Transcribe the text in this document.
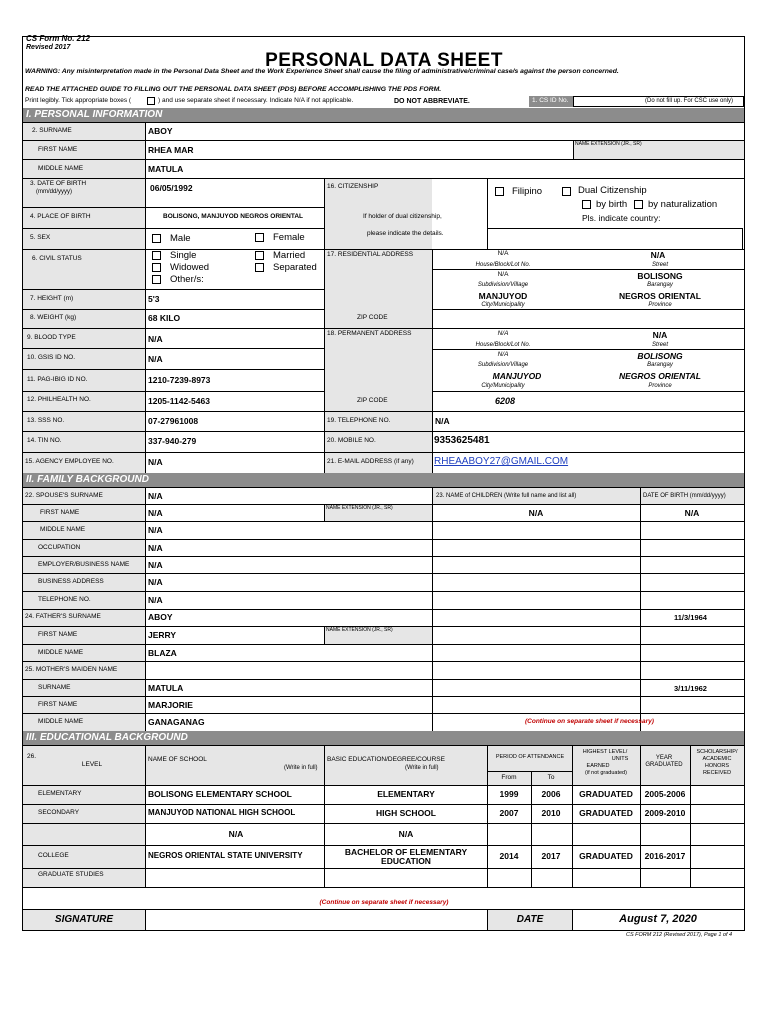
CS Form No. 212
Revised 2017
PERSONAL DATA SHEET
WARNING: Any misinterpretation made in the Personal Data Sheet and the Work Experience Sheet shall cause the filing of administrative/criminal case/s against the person concerned.
READ THE ATTACHED GUIDE TO FILLING OUT THE PERSONAL DATA SHEET (PDS) BEFORE ACCOMPLISHING THE PDS FORM.
Print legibly. Tick appropriate boxes (	) and use separate sheet if necessary. Indicate N/A if not applicable.	DO NOT ABBREVIATE.	1. CS ID No.	(Do not fill up. For CSC use only)
I. PERSONAL INFORMATION
2. SURNAME	ABOY
FIRST NAME	RHEA MAR
NAME EXTENSION (JR., SR)
MIDDLE NAME	MATULA
3. DATE OF BIRTH
(mm/dd/yyyy)	06/05/1992	16. CITIZENSHIP	Filipino	Dual Citizenship
by birth by naturalization
If holder of dual citizenship,
please indicate the details.
Pls. indicate country:
4. PLACE OF BIRTH	BOLISONG, MANJUYOD NEGROS ORIENTAL
5. SEX	Male	Female
6. CIVIL STATUS	Single	Married
Widowed	Separated
Other/s:
17. RESIDENTIAL ADDRESS	N/A	N/A
House/Block/Lot No.	Street
N/A	BOLISONG
Subdivision/Village	Barangay
MANJUYOD	NEGROS ORIENTAL
City/Municipality	Province
ZIP CODE
7. HEIGHT (m)	5'3
8. WEIGHT (kg)	68 KILO
18. PERMANENT ADDRESS	N/A	N/A
House/Block/Lot No.	Street
N/A	BOLISONG
Subdivision/Village	Barangay
MANJUYOD	NEGROS ORIENTAL
City/Municipality	Province
ZIP CODE	6208
9. BLOOD TYPE	N/A
10. GSIS ID NO.	N/A
11. PAG-IBIG ID NO.	1210-7239-8973
12. PHILHEALTH NO.	1205-1142-5463
13. SSS NO.	07-27961008	19. TELEPHONE NO.	N/A
14. TIN NO.	337-940-279	20. MOBILE NO.	9353625481
15. AGENCY EMPLOYEE NO.	N/A	21. E-MAIL ADDRESS (if any) RHEAABOY27@GMAIL.COM
II. FAMILY BACKGROUND
22. SPOUSE'S SURNAME	N/A	23. NAME of CHILDREN (Write full name and list all)	DATE OF BIRTH (mm/dd/yyyy)
FIRST NAME	N/A	NAME EXTENSION (JR., SR)	N/A	N/A
MIDDLE NAME	N/A
OCCUPATION	N/A
EMPLOYER/BUSINESS NAME N/A
BUSINESS ADDRESS	N/A
TELEPHONE NO.	N/A
24. FATHER'S SURNAME	ABOY	11/3/1964
FIRST NAME	JERRY	NAME EXTENSION (JR., SR)
MIDDLE NAME	BLAZA
25. MOTHER'S MAIDEN NAME
SURNAME	MATULA	3/11/1962
FIRST NAME	MARJORIE
MIDDLE NAME	GANAGANAG	(Continue on separate sheet if necessary)
III. EDUCATIONAL BACKGROUND
26.
LEVEL
NAME OF SCHOOL
(Write in full)
BASIC EDUCATION/DEGREE/COURSE
(Write in full)
PERIOD OF ATTENDANCE
From	To
HIGHEST LEVEL/
UNITS
EARNED
(if not graduated)
YEAR
GRADUATED
SCHOLARSHIP/
ACADEMIC
HONORS
RECEIVED
ELEMENTARY	BOLISONG ELEMENTARY SCHOOL	ELEMENTARY	1999	2006 GRADUATED 2005-2006
SECONDARY	MANJUYOD NATIONAL HIGH SCHOOL	HIGH SCHOOL	2007	2010 GRADUATED 2009-2010
N/A	N/A
COLLEGE	NEGROS ORIENTAL STATE UNIVERSITY	BACHELOR OF ELEMENTARY
EDUCATION	2014	2017 GRADUATED 2016-2017
GRADUATE STUDIES
(Continue on separate sheet if necessary)
SIGNATURE	DATE	August 7, 2020
CS FORM 212 (Revised 2017), Page 1 of 4
